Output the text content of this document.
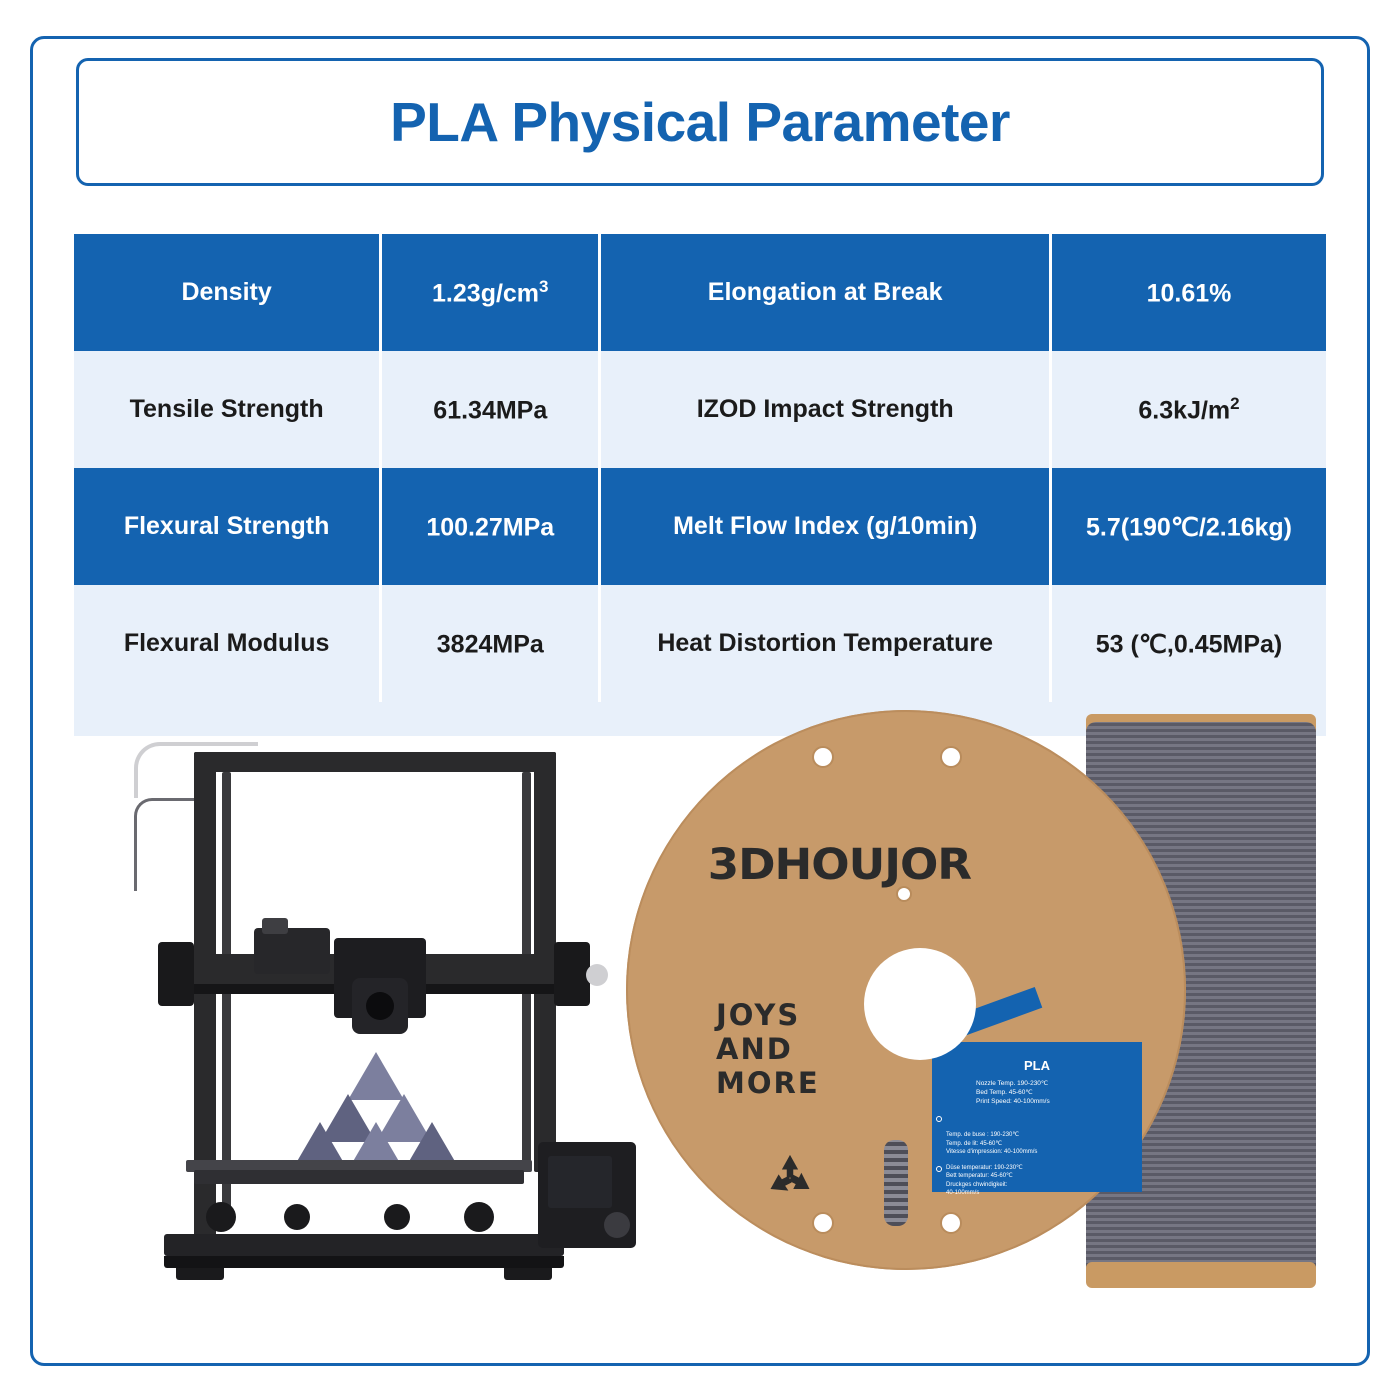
PLA Physical Parameter
Density	$1.23g/cm^3$	Elongation at Break	10.61%
Tensile Strength	61.34MPa	IZOD Impact Strength	$6.3kJ/m^2$
Flexural Strength	100.27MPa	Melt Flow Index (g/10min)	5.7(190℃/2.16kg)
Flexural Modulus	3824MPa	Heat Distortion Temperature	53 (℃,0.45MPa)
3DHOUJOR
JOYS
AND
MORE
PLA
Nozzle Temp. 190-230℃
Bed Temp. 45-60℃
Print Speed: 40-100mm/s

Temp. de buse : 190-230℃
Temp. de lit: 45-60℃
Vitesse d'impression: 40-100mm/s

Düse temperatur: 190-230℃
Bett temperatur: 45-60℃
Druckges chwindigkeit:
40-100mm/s
